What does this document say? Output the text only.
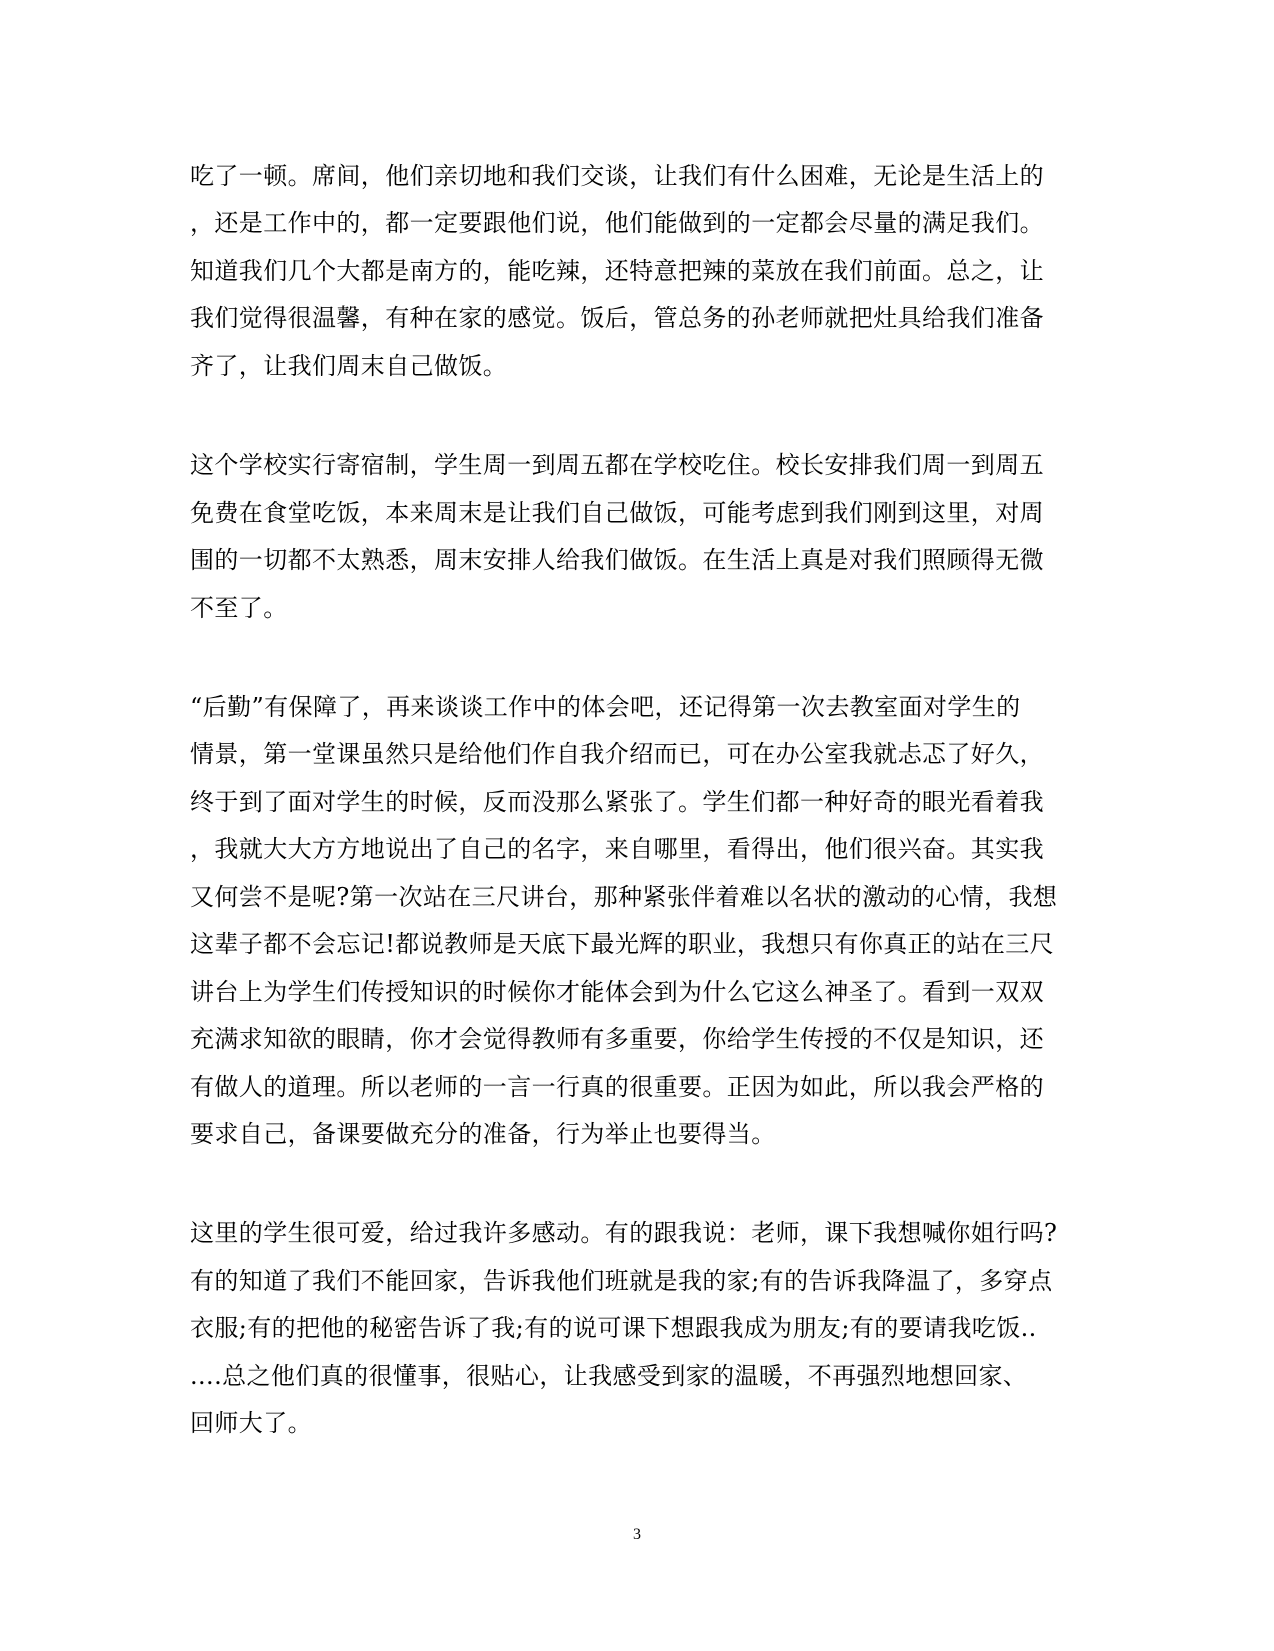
吃了一顿。席间，他们亲切地和我们交谈，让我们有什么困难，无论是生活上的
，还是工作中的，都一定要跟他们说，他们能做到的一定都会尽量的满足我们。
知道我们几个大都是南方的，能吃辣，还特意把辣的菜放在我们前面。总之，让
我们觉得很温馨，有种在家的感觉。饭后，管总务的孙老师就把灶具给我们准备
齐了，让我们周末自己做饭。
这个学校实行寄宿制，学生周一到周五都在学校吃住。校长安排我们周一到周五
免费在食堂吃饭，本来周末是让我们自己做饭，可能考虑到我们刚到这里，对周
围的一切都不太熟悉，周末安排人给我们做饭。在生活上真是对我们照顾得无微
不至了。
“后勤”有保障了，再来谈谈工作中的体会吧，还记得第一次去教室面对学生的
情景，第一堂课虽然只是给他们作自我介绍而已，可在办公室我就忐忑了好久，
终于到了面对学生的时候，反而没那么紧张了。学生们都一种好奇的眼光看着我
，我就大大方方地说出了自己的名字，来自哪里，看得出，他们很兴奋。其实我
又何尝不是呢?第一次站在三尺讲台，那种紧张伴着难以名状的激动的心情，我想
这辈子都不会忘记!都说教师是天底下最光辉的职业，我想只有你真正的站在三尺
讲台上为学生们传授知识的时候你才能体会到为什么它这么神圣了。看到一双双
充满求知欲的眼睛，你才会觉得教师有多重要，你给学生传授的不仅是知识，还
有做人的道理。所以老师的一言一行真的很重要。正因为如此，所以我会严格的
要求自己，备课要做充分的准备，行为举止也要得当。
这里的学生很可爱，给过我许多感动。有的跟我说：老师，课下我想喊你姐行吗?
有的知道了我们不能回家，告诉我他们班就是我的家;有的告诉我降温了，多穿点
衣服;有的把他的秘密告诉了我;有的说可课下想跟我成为朋友;有的要请我吃饭..
....总之他们真的很懂事，很贴心，让我感受到家的温暖，不再强烈地想回家、
回师大了。
3
